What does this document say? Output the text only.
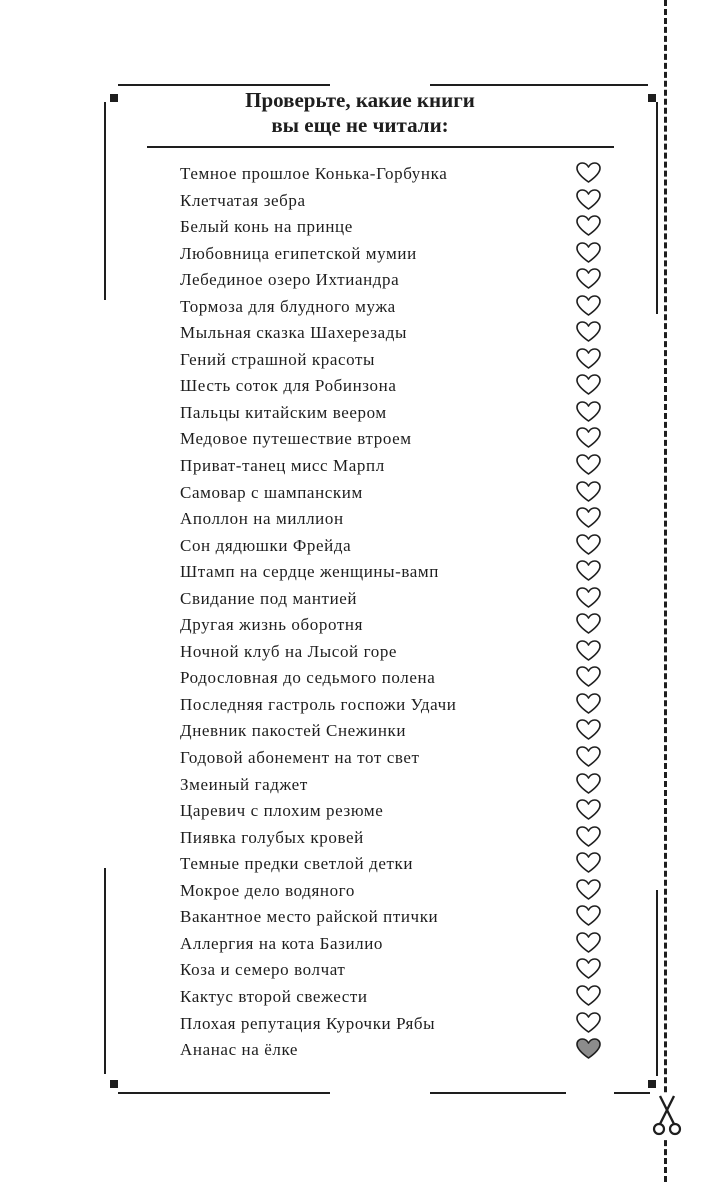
Проверьте, какие книги
вы еще не читали:
Темное прошлое Конька-Горбунка
Клетчатая зебра
Белый конь на принце
Любовница египетской мумии
Лебединое озеро Ихтиандра
Тормоза для блудного мужа
Мыльная сказка Шахерезады
Гений страшной красоты
Шесть соток для Робинзона
Пальцы китайским веером
Медовое путешествие втроем
Приват-танец мисс Марпл
Самовар с шампанским
Аполлон на миллион
Сон дядюшки Фрейда
Штамп на сердце женщины-вамп
Свидание под мантией
Другая жизнь оборотня
Ночной клуб на Лысой горе
Родословная до седьмого полена
Последняя гастроль госпожи Удачи
Дневник пакостей Снежинки
Годовой абонемент на тот свет
Змеиный гаджет
Царевич с плохим резюме
Пиявка голубых кровей
Темные предки светлой детки
Мокрое дело водяного
Вакантное место райской птички
Аллергия на кота Базилио
Коза и семеро волчат
Кактус второй свежести
Плохая репутация Курочки Рябы
Ананас на ёлке
